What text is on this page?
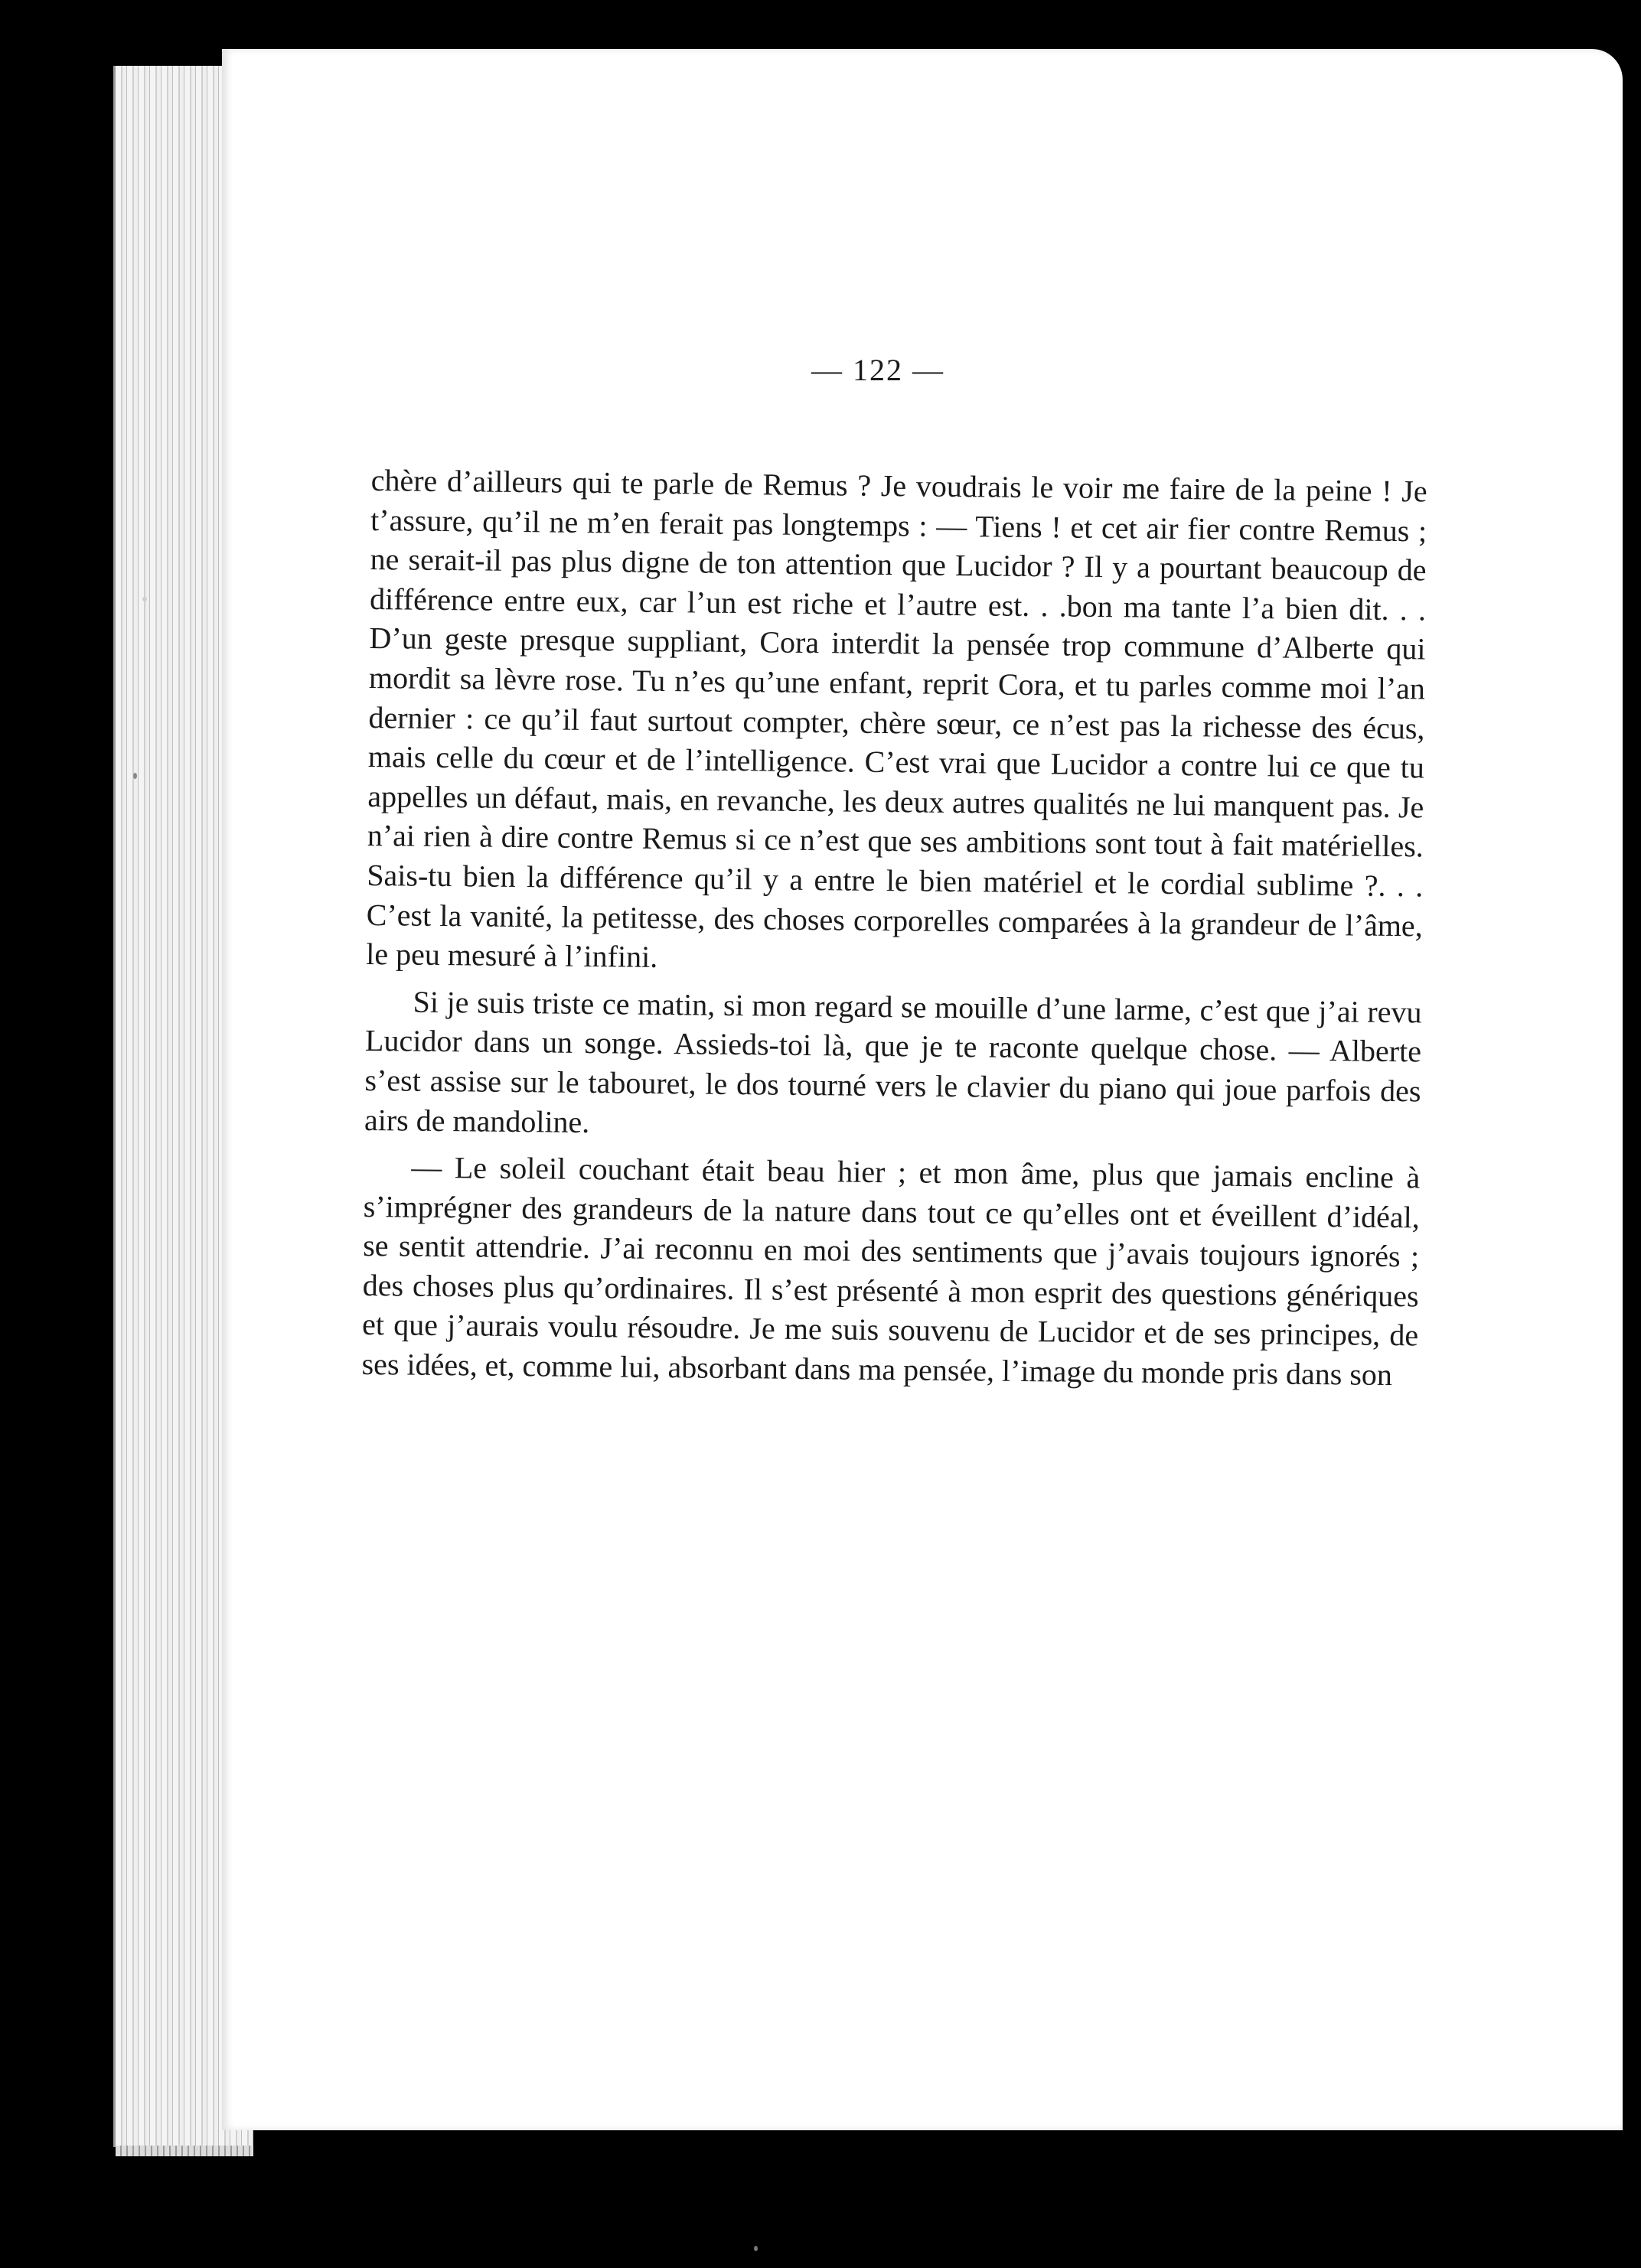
— 122 —

chère d’ailleurs qui te parle de Remus ? Je voudrais le voir me faire de la peine ! Je t’assure, qu’il ne m’en ferait pas longtemps : — Tiens ! et cet air fier contre Remus ; ne serait-il pas plus digne de ton attention que Lucidor ? Il y a pourtant beaucoup de différence entre eux, car l’un est riche et l’autre est. . .bon ma tante l’a bien dit. . . D’un geste presque suppliant, Cora interdit la pensée trop commune d’Alberte qui mordit sa lèvre rose. Tu n’es qu’une enfant, reprit Cora, et tu parles comme moi l’an dernier : ce qu’il faut surtout compter, chère sœur, ce n’est pas la richesse des écus, mais celle du cœur et de l’intelligence. C’est vrai que Lucidor a contre lui ce que tu appelles un défaut, mais, en revanche, les deux autres qualités ne lui manquent pas. Je n’ai rien à dire contre Remus si ce n’est que ses ambitions sont tout à fait matérielles. Sais-tu bien la différence qu’il y a entre le bien matériel et le cordial sublime ?. . . C’est la vanité, la petitesse, des choses corporelles comparées à la grandeur de l’âme, le peu mesuré à l’infini.

Si je suis triste ce matin, si mon regard se mouille d’une larme, c’est que j’ai revu Lucidor dans un songe. Assieds-toi là, que je te raconte quelque chose. — Alberte s’est assise sur le tabouret, le dos tourné vers le clavier du piano qui joue parfois des airs de mandoline.

— Le soleil couchant était beau hier ; et mon âme, plus que jamais encline à s’imprégner des grandeurs de la nature dans tout ce qu’elles ont et éveillent d’idéal, se sentit attendrie. J’ai reconnu en moi des sentiments que j’avais toujours ignorés ; des choses plus qu’ordinaires. Il s’est présenté à mon esprit des questions génériques et que j’aurais voulu résoudre. Je me suis souvenu de Lucidor et de ses principes, de ses idées, et, comme lui, absorbant dans ma pensée, l’image du monde pris dans son
